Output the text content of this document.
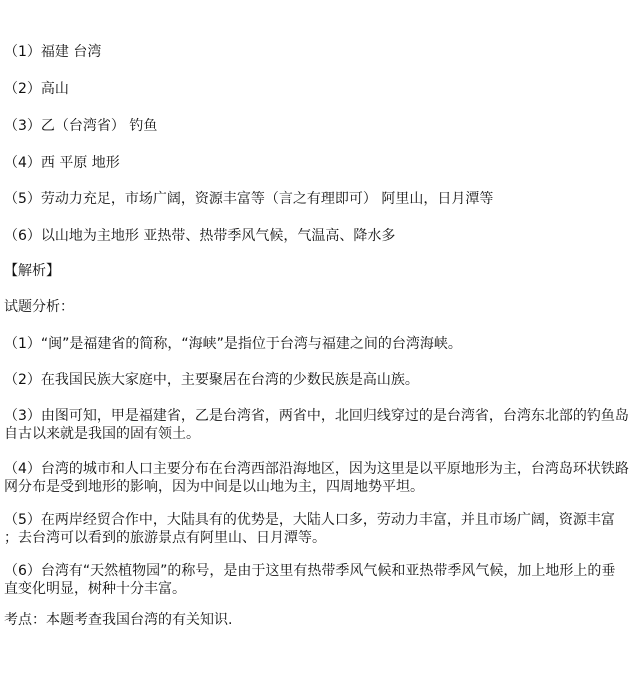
（1）福建 台湾
（2）高山
（3）乙（台湾省） 钓鱼
（4）西 平原 地形
（5）劳动力充足，市场广阔，资源丰富等（言之有理即可） 阿里山，日月潭等
（6）以山地为主地形 亚热带、热带季风气候，气温高、降水多
【解析】
试题分析：
（1）“闽”是福建省的简称，“海峡”是指位于台湾与福建之间的台湾海峡。
（2）在我国民族大家庭中，主要聚居在台湾的少数民族是高山族。
（3）由图可知，甲是福建省，乙是台湾省，两省中，北回归线穿过的是台湾省，台湾东北部的钓鱼岛
自古以来就是我国的固有领土。
（4）台湾的城市和人口主要分布在台湾西部沿海地区，因为这里是以平原地形为主，台湾岛环状铁路
网分布是受到地形的影响，因为中间是以山地为主，四周地势平坦。
（5）在两岸经贸合作中，大陆具有的优势是，大陆人口多，劳动力丰富，并且市场广阔，资源丰富
；去台湾可以看到的旅游景点有阿里山、日月潭等。
（6）台湾有“天然植物园”的称号，是由于这里有热带季风气候和亚热带季风气候，加上地形上的垂
直变化明显，树种十分丰富。
考点：本题考查我国台湾的有关知识.
